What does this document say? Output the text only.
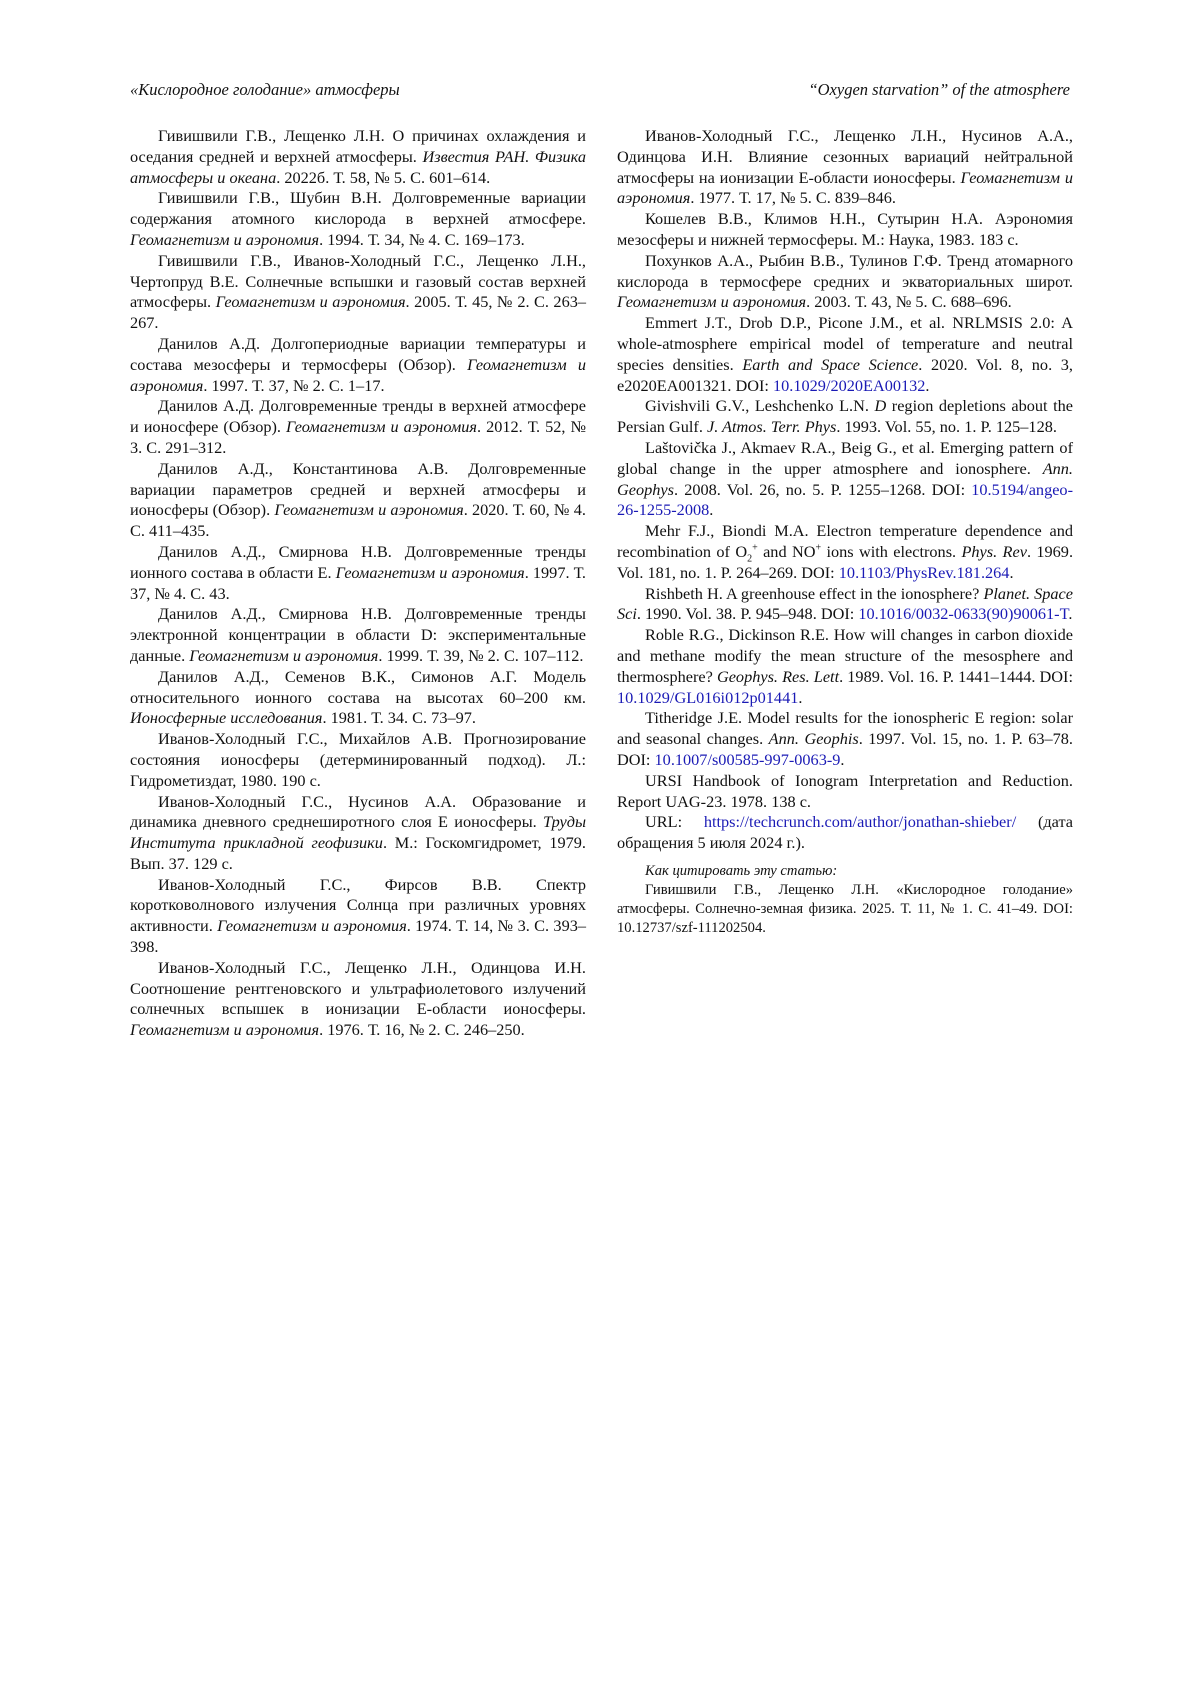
«Кислородное голодание» атмосферы	“Oxygen starvation” of the atmosphere

Гивишвили Г.В., Лещенко Л.Н. О причинах охлаждения и оседания средней и верхней атмосферы. Известия РАН. Физика атмосферы и океана. 2022б. Т. 58, № 5. С. 601–614.

Гивишвили Г.В., Шубин В.Н. Долговременные вариации содержания атомного кислорода в верхней атмосфере. Геомагнетизм и аэрономия. 1994. Т. 34, № 4. С. 169–173.

Гивишвили Г.В., Иванов-Холодный Г.С., Лещенко Л.Н., Чертопруд В.Е. Солнечные вспышки и газовый состав верхней атмосферы. Геомагнетизм и аэрономия. 2005. Т. 45, № 2. С. 263–267.

Данилов А.Д. Долгопериодные вариации температуры и состава мезосферы и термосферы (Обзор). Геомагнетизм и аэрономия. 1997. Т. 37, № 2. С. 1–17.

Данилов А.Д. Долговременные тренды в верхней атмосфере и ионосфере (Обзор). Геомагнетизм и аэрономия. 2012. Т. 52, № 3. С. 291–312.

Данилов А.Д., Константинова А.В. Долговременные вариации параметров средней и верхней атмосферы и ионосферы (Обзор). Геомагнетизм и аэрономия. 2020. Т. 60, № 4. С. 411–435.

Данилов А.Д., Смирнова Н.В. Долговременные тренды ионного состава в области Е. Геомагнетизм и аэрономия. 1997. Т. 37, № 4. С. 43.

Данилов А.Д., Смирнова Н.В. Долговременные тренды электронной концентрации в области D: экспериментальные данные. Геомагнетизм и аэрономия. 1999. Т. 39, № 2. С. 107–112.

Данилов А.Д., Семенов В.К., Симонов А.Г. Модель относительного ионного состава на высотах 60–200 км. Ионосферные исследования. 1981. Т. 34. С. 73–97.

Иванов-Холодный Г.С., Михайлов А.В. Прогнозирование состояния ионосферы (детерминированный подход). Л.: Гидрометиздат, 1980. 190 с.

Иванов-Холодный Г.С., Нусинов А.А. Образование и динамика дневного среднеширотного слоя Е ионосферы. Труды Института прикладной геофизики. М.: Госкомгидромет, 1979. Вып. 37. 129 с.

Иванов-Холодный Г.С., Фирсов В.В. Спектр коротковолнового излучения Солнца при различных уровнях активности. Геомагнетизм и аэрономия. 1974. Т. 14, № 3. С. 393–398.

Иванов-Холодный Г.С., Лещенко Л.Н., Одинцова И.Н. Соотношение рентгеновского и ультрафиолетового излучений солнечных вспышек в ионизации Е-области ионосферы. Геомагнетизм и аэрономия. 1976. Т. 16, № 2. С. 246–250.

Иванов-Холодный Г.С., Лещенко Л.Н., Нусинов А.А., Одинцова И.Н. Влияние сезонных вариаций нейтральной атмосферы на ионизации Е-области ионосферы. Геомагнетизм и аэрономия. 1977. Т. 17, № 5. С. 839–846.

Кошелев В.В., Климов Н.Н., Сутырин Н.А. Аэрономия мезосферы и нижней термосферы. М.: Наука, 1983. 183 с.

Похунков А.А., Рыбин В.В., Тулинов Г.Ф. Тренд атомарного кислорода в термосфере средних и экваториальных широт. Геомагнетизм и аэрономия. 2003. Т. 43, № 5. С. 688–696.

Emmert J.T., Drob D.P., Picone J.M., et al. NRLMSIS 2.0: A whole-atmosphere empirical model of temperature and neutral species densities. Earth and Space Science. 2020. Vol. 8, no. 3, e2020EA001321. DOI: 10.1029/2020EA00132.

Givishvili G.V., Leshchenko L.N. D region depletions about the Persian Gulf. J. Atmos. Terr. Phys. 1993. Vol. 55, no. 1. P. 125–128.

Laštovička J., Akmaev R.A., Beig G., et al. Emerging pattern of global change in the upper atmosphere and ionosphere. Ann. Geophys. 2008. Vol. 26, no. 5. P. 1255–1268. DOI: 10.5194/angeo-26-1255-2008.

Mehr F.J., Biondi M.A. Electron temperature dependence and recombination of $O_2^+$ and NO+ ions with electrons. Phys. Rev. 1969. Vol. 181, no. 1. P. 264–269. DOI: 10.1103/PhysRev.181.264.

Rishbeth H. A greenhouse effect in the ionosphere? Planet. Space Sci. 1990. Vol. 38. P. 945–948. DOI: 10.1016/0032-0633(90)90061-T.

Roble R.G., Dickinson R.E. How will changes in carbon dioxide and methane modify the mean structure of the mesosphere and thermosphere? Geophys. Res. Lett. 1989. Vol. 16. P. 1441–1444. DOI: 10.1029/GL016i012p01441.

Titheridge J.E. Model results for the ionospheric E region: solar and seasonal changes. Ann. Geophis. 1997. Vol. 15, no. 1. P. 63–78. DOI: 10.1007/s00585-997-0063-9.

URSI Handbook of Ionogram Interpretation and Reduction. Report UAG-23. 1978. 138 с.

URL: https://techcrunch.com/author/jonathan-shieber/ (дата обращения 5 июля 2024 г.).

Как цитировать эту статью:

Гивишвили Г.В., Лещенко Л.Н. «Кислородное голодание» атмосферы. Солнечно-земная физика. 2025. Т. 11, № 1. С. 41–49. DOI: 10.12737/szf-111202504.
